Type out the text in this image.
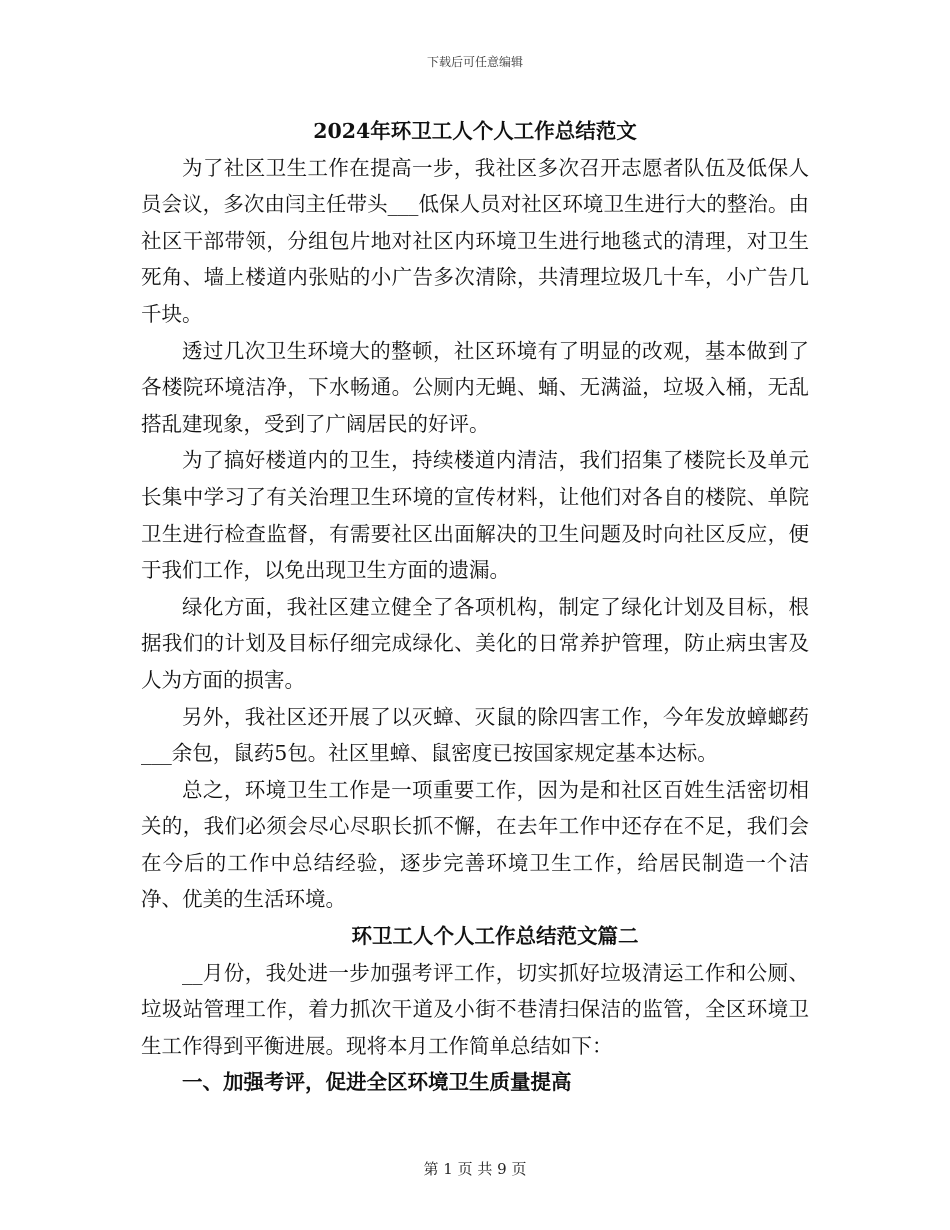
下载后可任意编辑

2024年环卫工人个人工作总结范文

为了社区卫生工作在提高一步，我社区多次召开志愿者队伍及低保人员会议，多次由闫主任带头___低保人员对社区环境卫生进行大的整治。由社区干部带领，分组包片地对社区内环境卫生进行地毯式的清理，对卫生死角、墙上楼道内张贴的小广告多次清除，共清理垃圾几十车，小广告几千块。

透过几次卫生环境大的整顿，社区环境有了明显的改观，基本做到了各楼院环境洁净，下水畅通。公厕内无蝇、蛹、无满溢，垃圾入桶，无乱搭乱建现象，受到了广阔居民的好评。

为了搞好楼道内的卫生，持续楼道内清洁，我们招集了楼院长及单元长集中学习了有关治理卫生环境的宣传材料，让他们对各自的楼院、单院卫生进行检查监督，有需要社区出面解决的卫生问题及时向社区反应，便于我们工作，以免出现卫生方面的遗漏。

绿化方面，我社区建立健全了各项机构，制定了绿化计划及目标，根据我们的计划及目标仔细完成绿化、美化的日常养护管理，防止病虫害及人为方面的损害。

另外，我社区还开展了以灭蟑、灭鼠的除四害工作，今年发放蟑螂药___余包，鼠药5包。社区里蟑、鼠密度已按国家规定基本达标。

总之，环境卫生工作是一项重要工作，因为是和社区百姓生活密切相关的，我们必须会尽心尽职长抓不懈，在去年工作中还存在不足，我们会在今后的工作中总结经验，逐步完善环境卫生工作，给居民制造一个洁净、优美的生活环境。

环卫工人个人工作总结范文篇二

__月份，我处进一步加强考评工作，切实抓好垃圾清运工作和公厕、垃圾站管理工作，着力抓次干道及小街不巷清扫保洁的监管，全区环境卫生工作得到平衡进展。现将本月工作简单总结如下：

一、加强考评，促进全区环境卫生质量提高

第 1 页 共 9 页
